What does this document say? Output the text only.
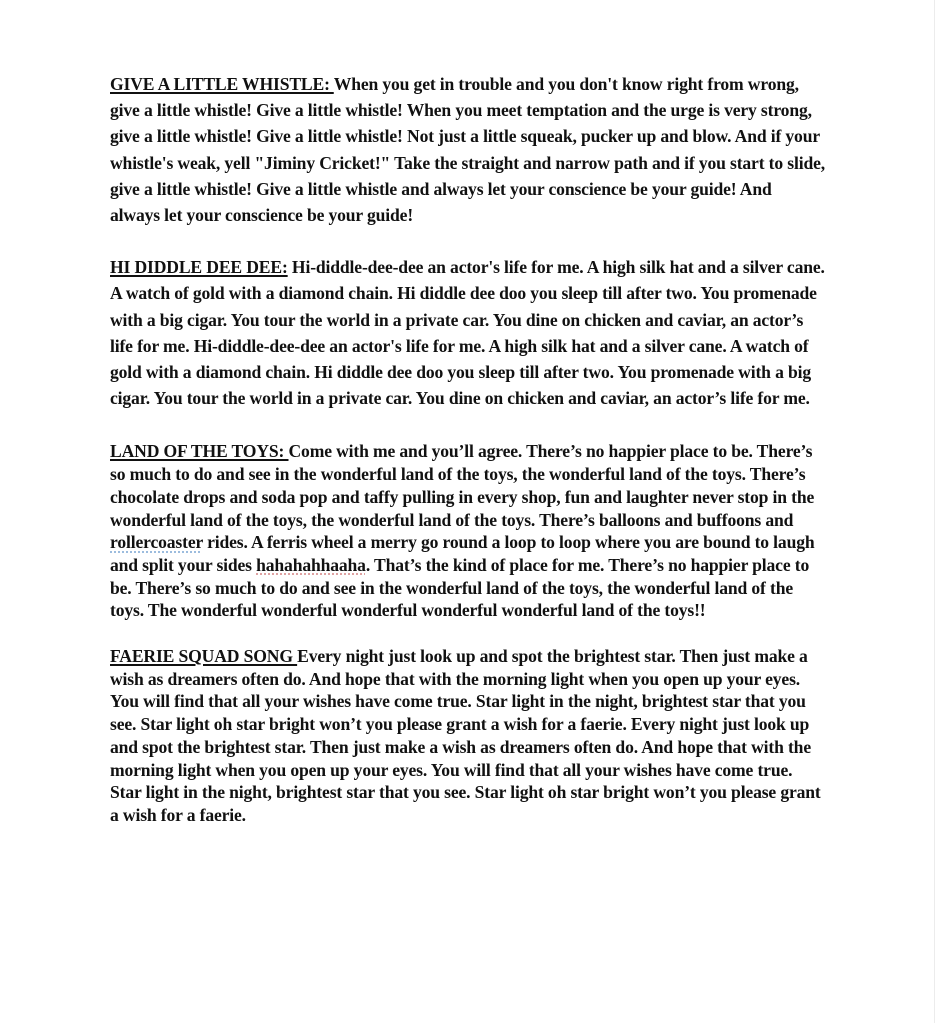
GIVE A LITTLE WHISTLE: When you get in trouble and you don't know right from wrong, give a little whistle! Give a little whistle! When you meet temptation and the urge is very strong, give a little whistle! Give a little whistle! Not just a little squeak, pucker up and blow. And if your whistle's weak, yell "Jiminy Cricket!" Take the straight and narrow path and if you start to slide, give a little whistle! Give a little whistle and always let your conscience be your guide! And always let your conscience be your guide!

HI DIDDLE DEE DEE: Hi-diddle-dee-dee an actor's life for me. A high silk hat and a silver cane. A watch of gold with a diamond chain. Hi diddle dee doo you sleep till after two. You promenade with a big cigar. You tour the world in a private car. You dine on chicken and caviar, an actor’s life for me. Hi-diddle-dee-dee an actor's life for me. A high silk hat and a silver cane. A watch of gold with a diamond chain. Hi diddle dee doo you sleep till after two. You promenade with a big cigar. You tour the world in a private car. You dine on chicken and caviar, an actor’s life for me.

LAND OF THE TOYS: Come with me and you’ll agree. There’s no happier place to be. There’s so much to do and see in the wonderful land of the toys, the wonderful land of the toys. There’s chocolate drops and soda pop and taffy pulling in every shop, fun and laughter never stop in the wonderful land of the toys, the wonderful land of the toys. There’s balloons and buffoons and rollercoaster rides. A ferris wheel a merry go round a loop to loop where you are bound to laugh and split your sides hahahahhaaha. That’s the kind of place for me. There’s no happier place to be. There’s so much to do and see in the wonderful land of the toys, the wonderful land of the toys. The wonderful wonderful wonderful wonderful wonderful land of the toys!!

FAERIE SQUAD SONG Every night just look up and spot the brightest star. Then just make a wish as dreamers often do. And hope that with the morning light when you open up your eyes. You will find that all your wishes have come true. Star light in the night, brightest star that you see. Star light oh star bright won’t you please grant a wish for a faerie. Every night just look up and spot the brightest star. Then just make a wish as dreamers often do. And hope that with the morning light when you open up your eyes. You will find that all your wishes have come true. Star light in the night, brightest star that you see. Star light oh star bright won’t you please grant a wish for a faerie.
